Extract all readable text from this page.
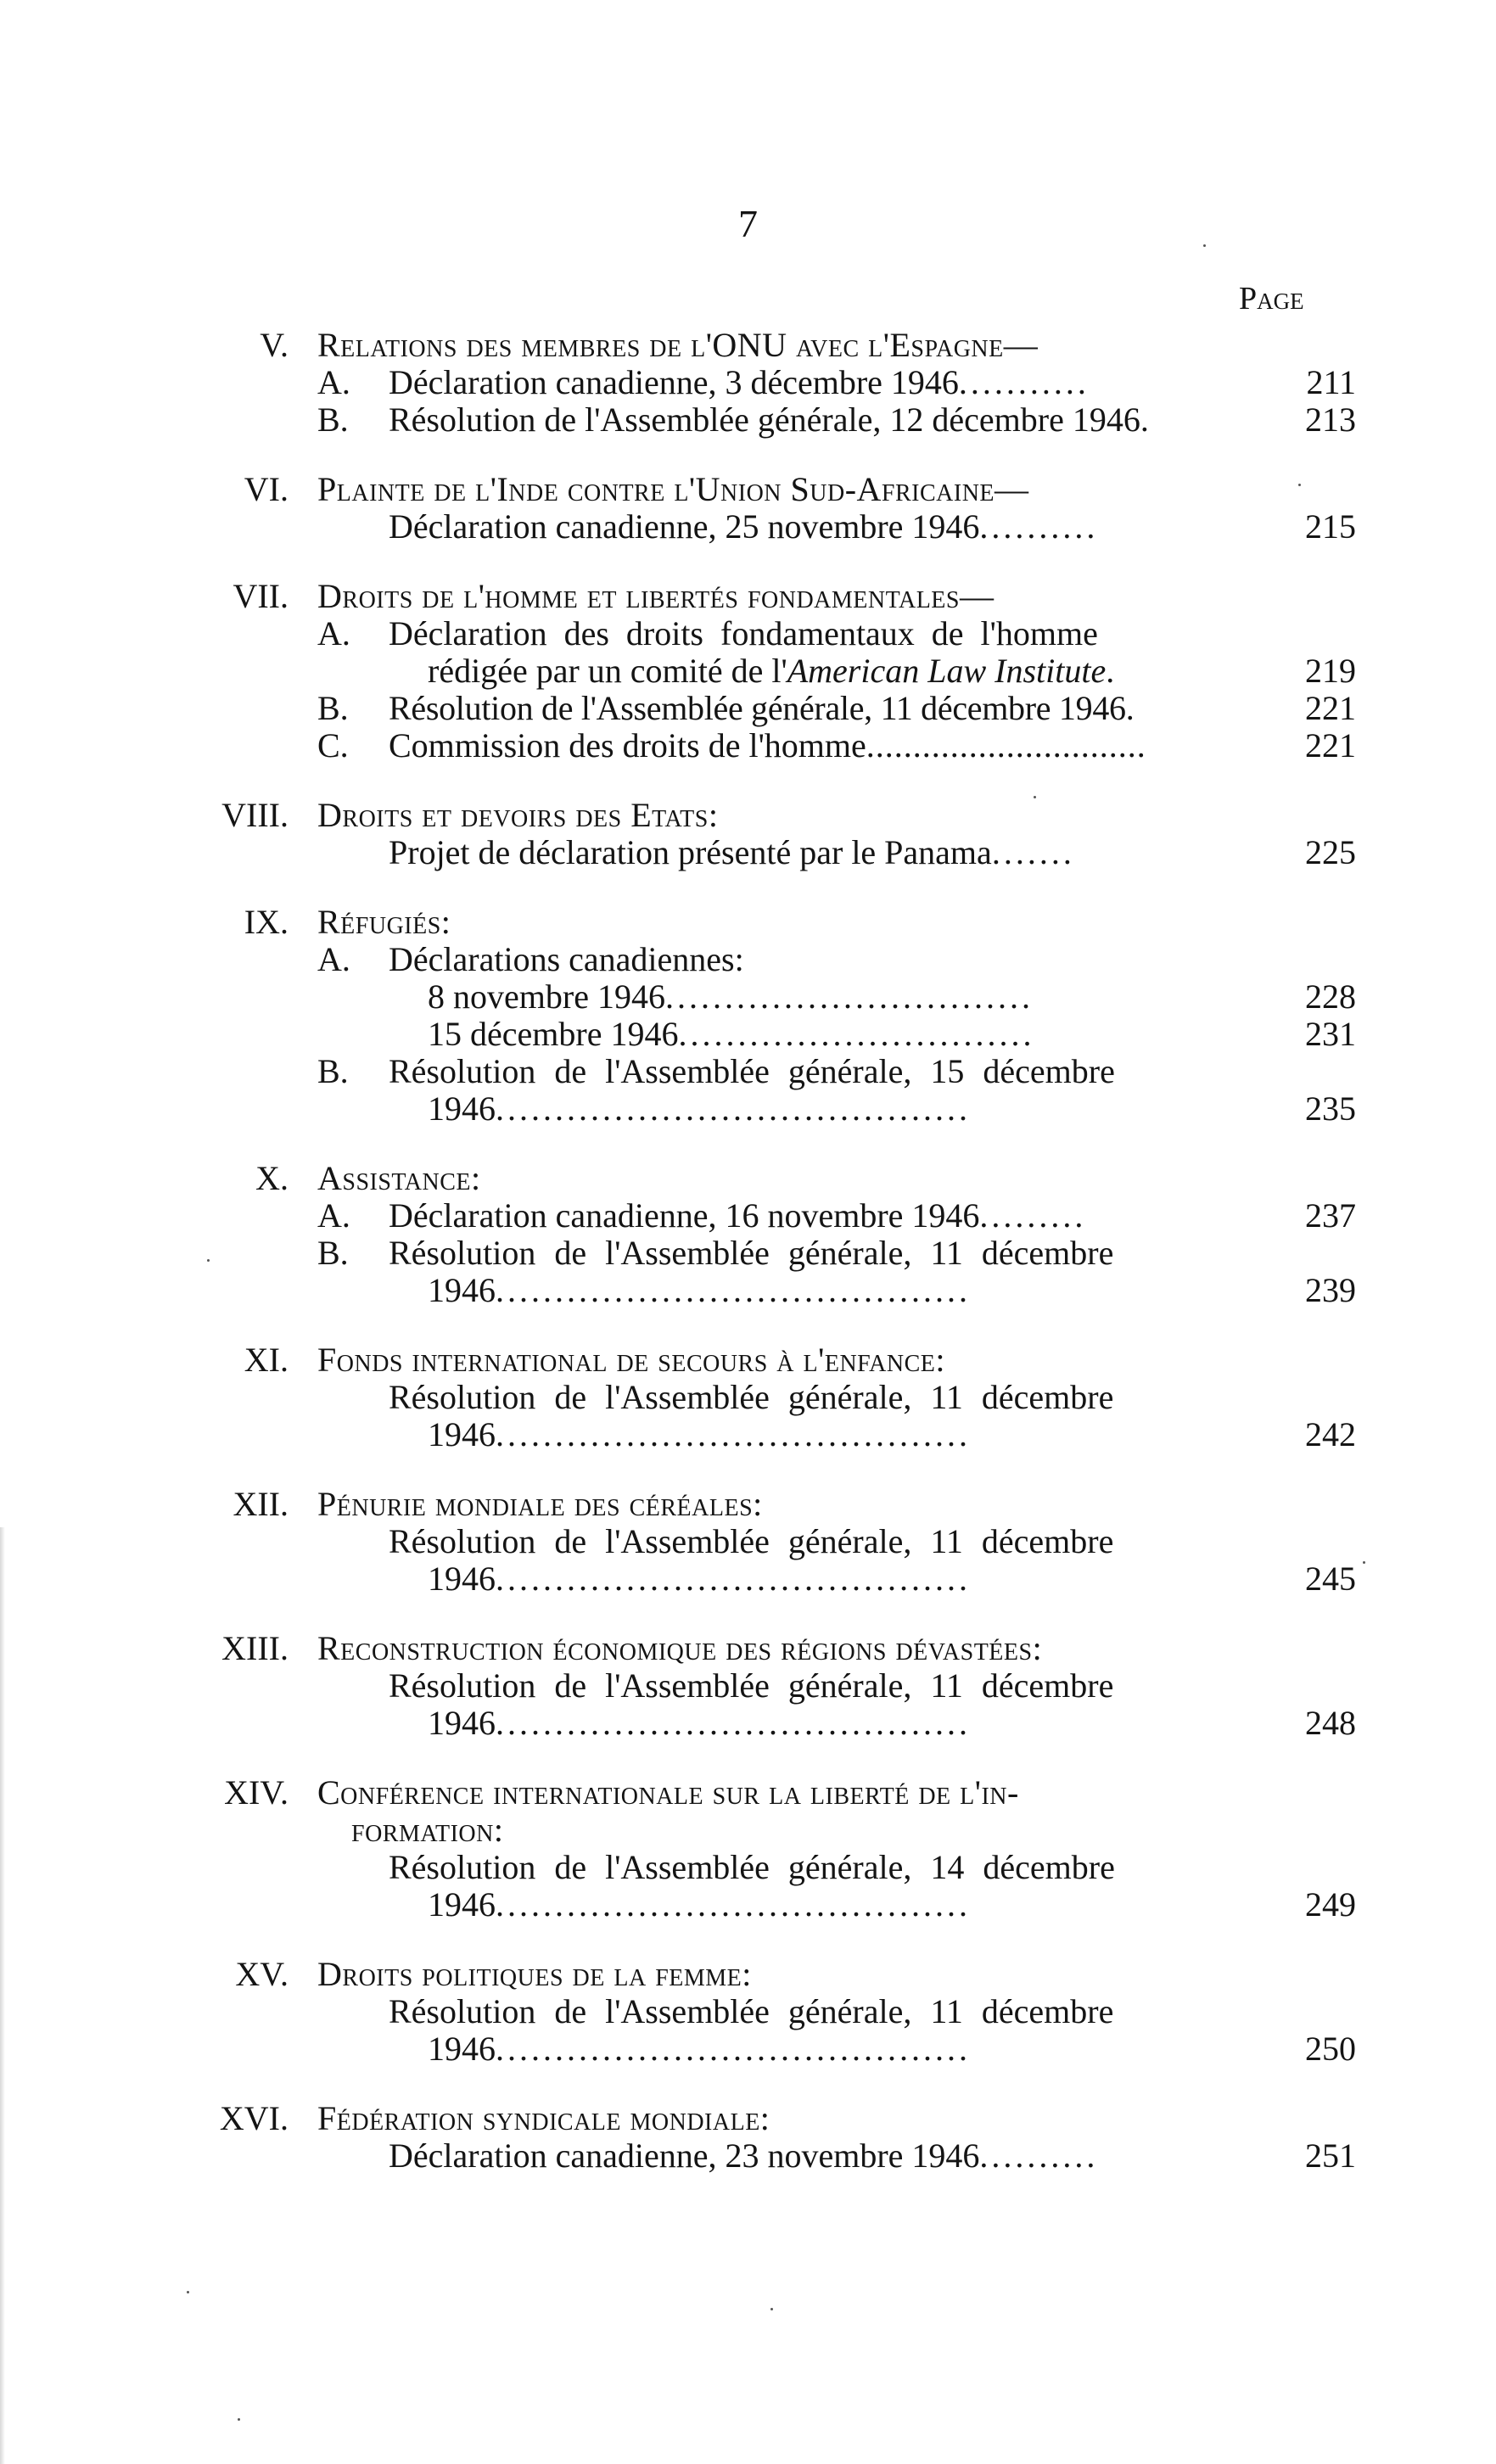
7
Page
V. Relations des membres de l'ONU avec l'Espagne—
A. Déclaration canadienne, 3 décembre 1946...........	211
B. Résolution de l'Assemblée générale, 12 décembre 1946.	213
VI. Plainte de l'Inde contre l'Union Sud-Africaine—
Déclaration canadienne, 25 novembre 1946..........	215
VII. Droits de l'homme et libertés fondamentales—
A. Déclaration des droits fondamentaux de l'homme
rédigée par un comité de l'American Law Institute.	219
B. Résolution de l'Assemblée générale, 11 décembre 1946.	221
C. Commission des droits de l'homme..............................	221
VIII. Droits et devoirs des Etats:
Projet de déclaration présenté par le Panama.......	225
IX. Réfugiés:
A. Déclarations canadiennes:
8 novembre 1946...............................	228
15 décembre 1946..............................	231
B. Résolution de l'Assemblée générale, 15 décembre
1946........................................	235
X. Assistance:
A. Déclaration canadienne, 16 novembre 1946.........	237
B. Résolution de l'Assemblée générale, 11 décembre
1946........................................	239
XI. Fonds international de secours à l'enfance:
Résolution de l'Assemblée générale, 11 décembre
1946........................................	242
XII. Pénurie mondiale des céréales:
Résolution de l'Assemblée générale, 11 décembre
1946........................................	245
XIII. Reconstruction économique des régions dévastées:
Résolution de l'Assemblée générale, 11 décembre
1946........................................	248
XIV. Conférence internationale sur la liberté de l'in-
formation:
Résolution de l'Assemblée générale, 14 décembre
1946........................................	249
XV. Droits politiques de la femme:
Résolution de l'Assemblée générale, 11 décembre
1946........................................	250
XVI. Fédération syndicale mondiale:
Déclaration canadienne, 23 novembre 1946..........	251
